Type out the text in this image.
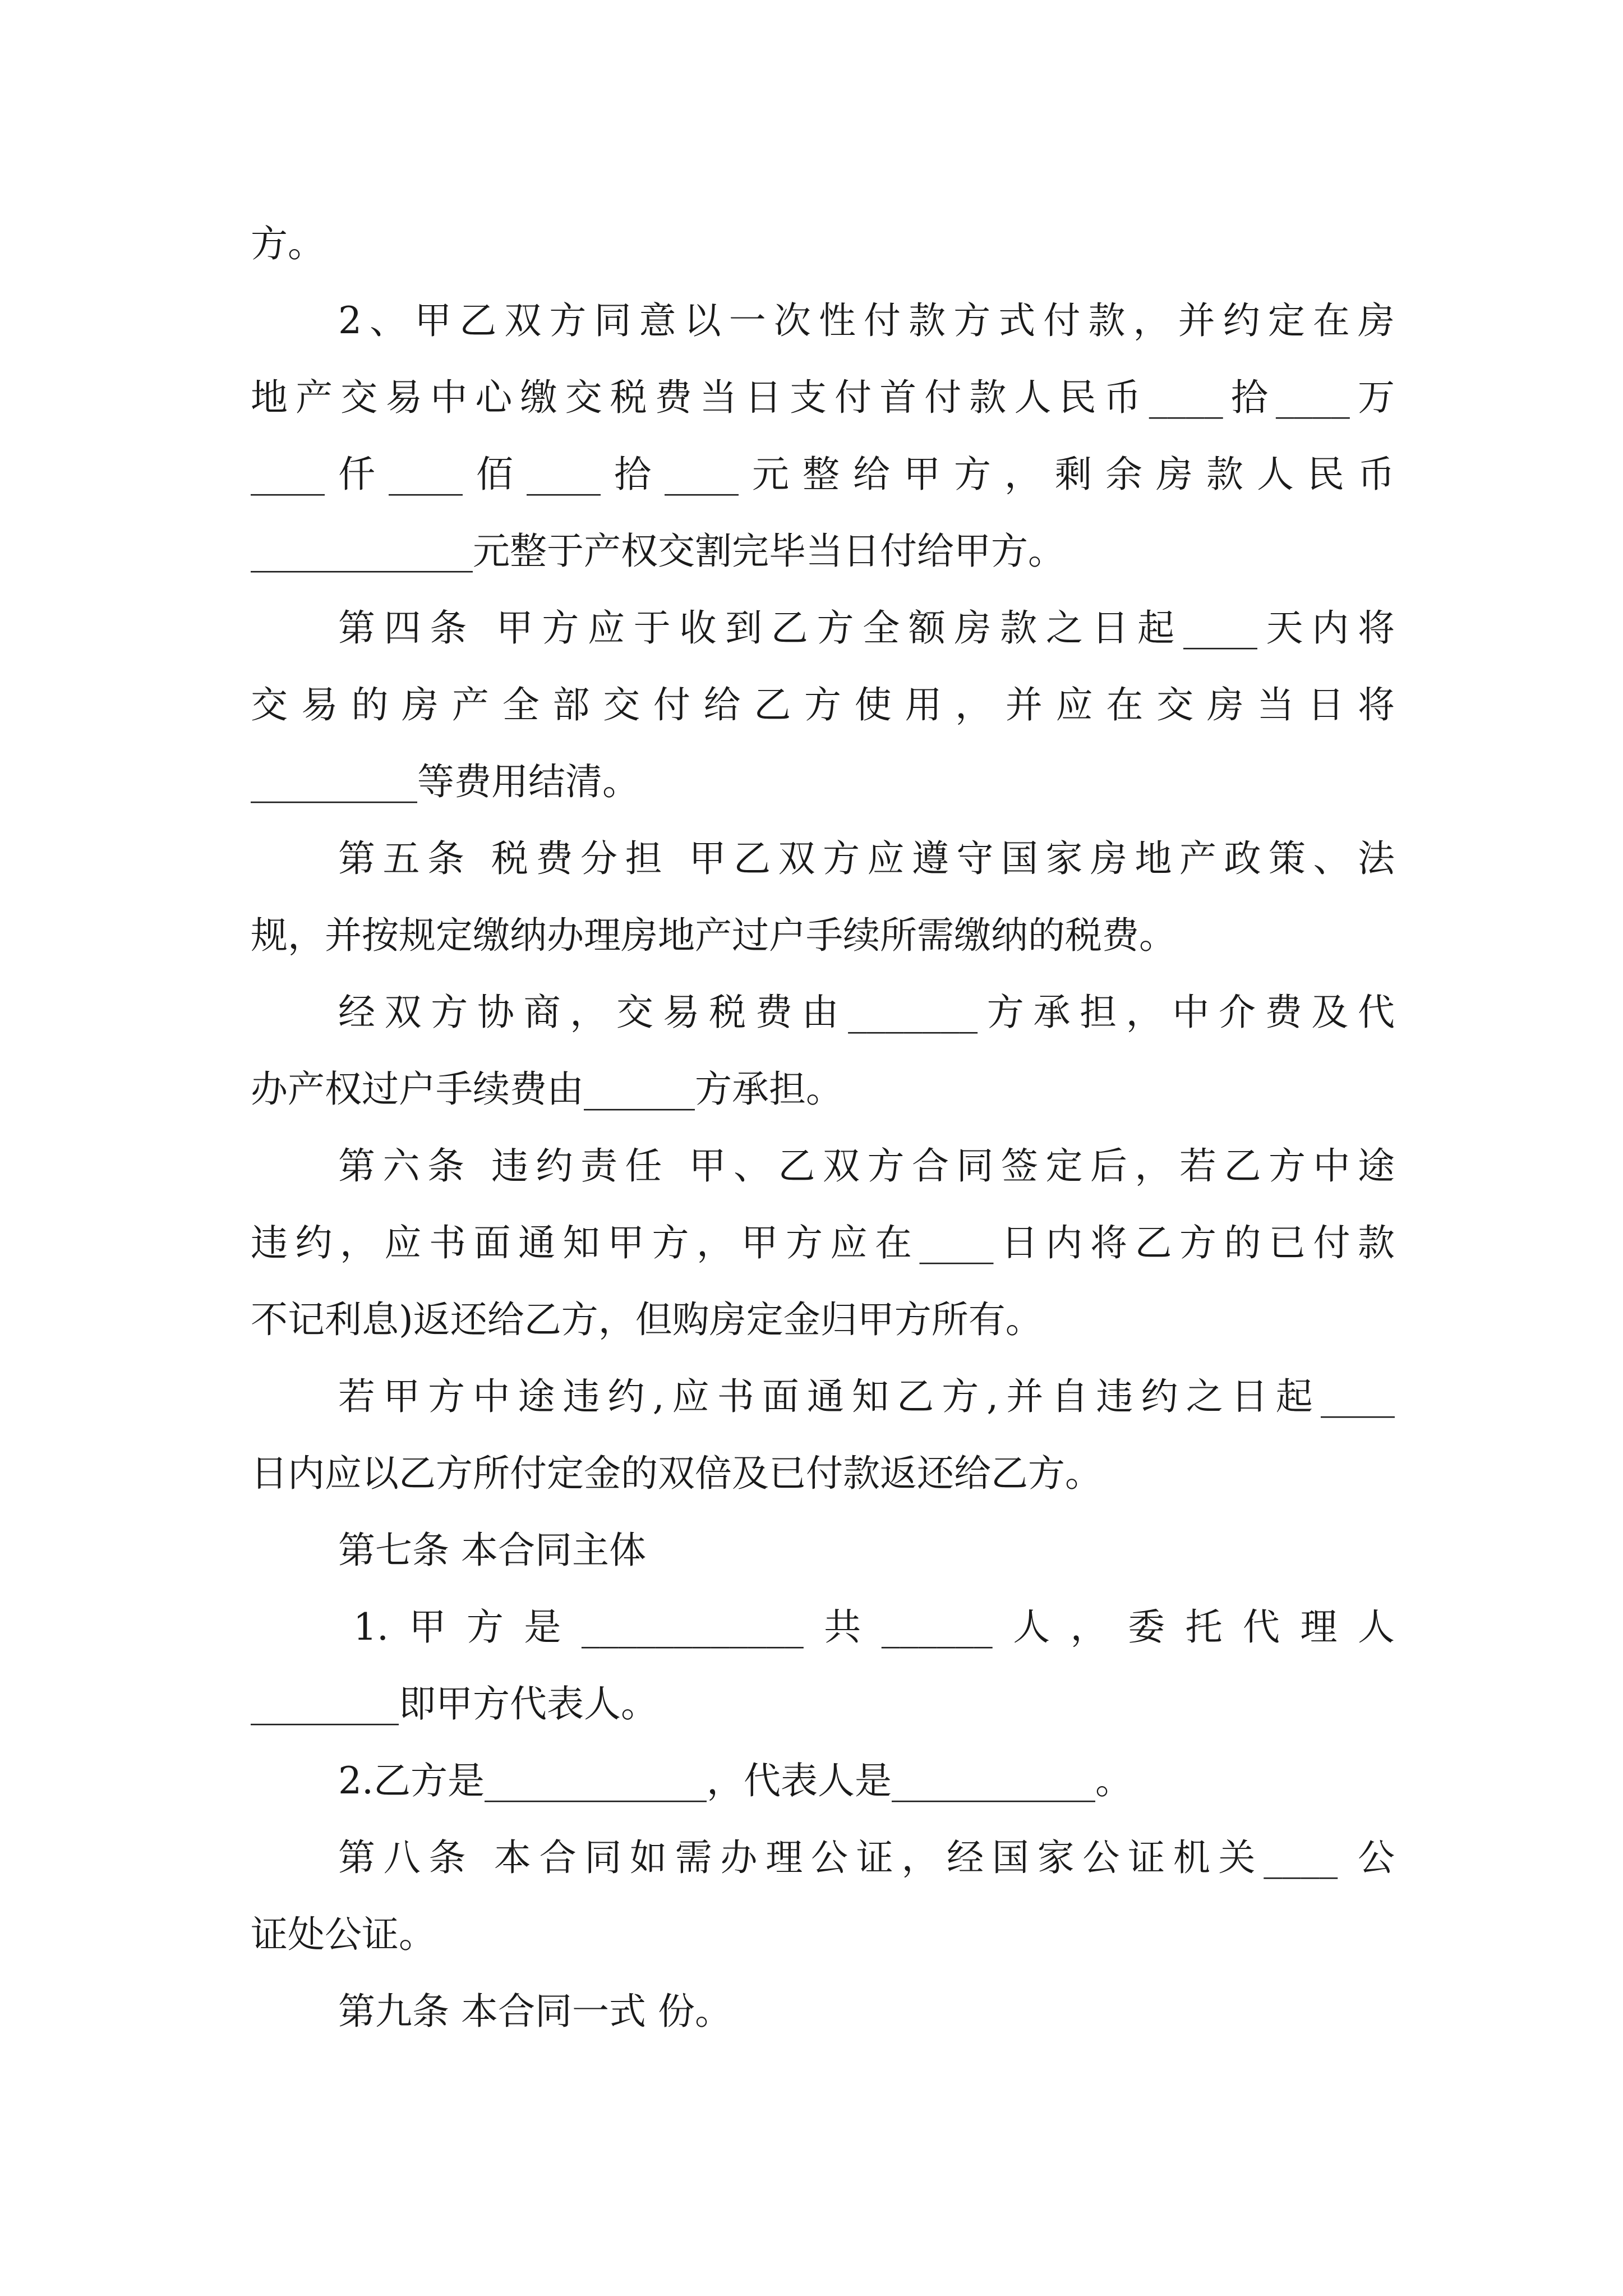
方。
2、甲乙双方同意以一次性付款方式付款，并约定在房
地产交易中心缴交税费当日支付首付款人民币____拾____万
____仟____佰____拾____元整给甲方，剩余房款人民币
____________元整于产权交割完毕当日付给甲方。
第四条 甲方应于收到乙方全额房款之日起____天内将
交易的房产全部交付给乙方使用，并应在交房当日将
_________等费用结清。
第五条 税费分担 甲乙双方应遵守国家房地产政策、法
规，并按规定缴纳办理房地产过户手续所需缴纳的税费。
经双方协商，交易税费由_______方承担，中介费及代
办产权过户手续费由______方承担。
第六条 违约责任 甲、乙双方合同签定后，若乙方中途
违约，应书面通知甲方，甲方应在____日内将乙方的已付款
不记利息)返还给乙方，但购房定金归甲方所有。
若甲方中途违约,应书面通知乙方,并自违约之日起____
日内应以乙方所付定金的双倍及已付款返还给乙方。
第七条 本合同主体
1.甲方是____________共______人，委托代理人
________即甲方代表人。
2.乙方是____________，代表人是___________。
第八条 本合同如需办理公证，经国家公证机关____ 公
证处公证。
第九条 本合同一式 份。
